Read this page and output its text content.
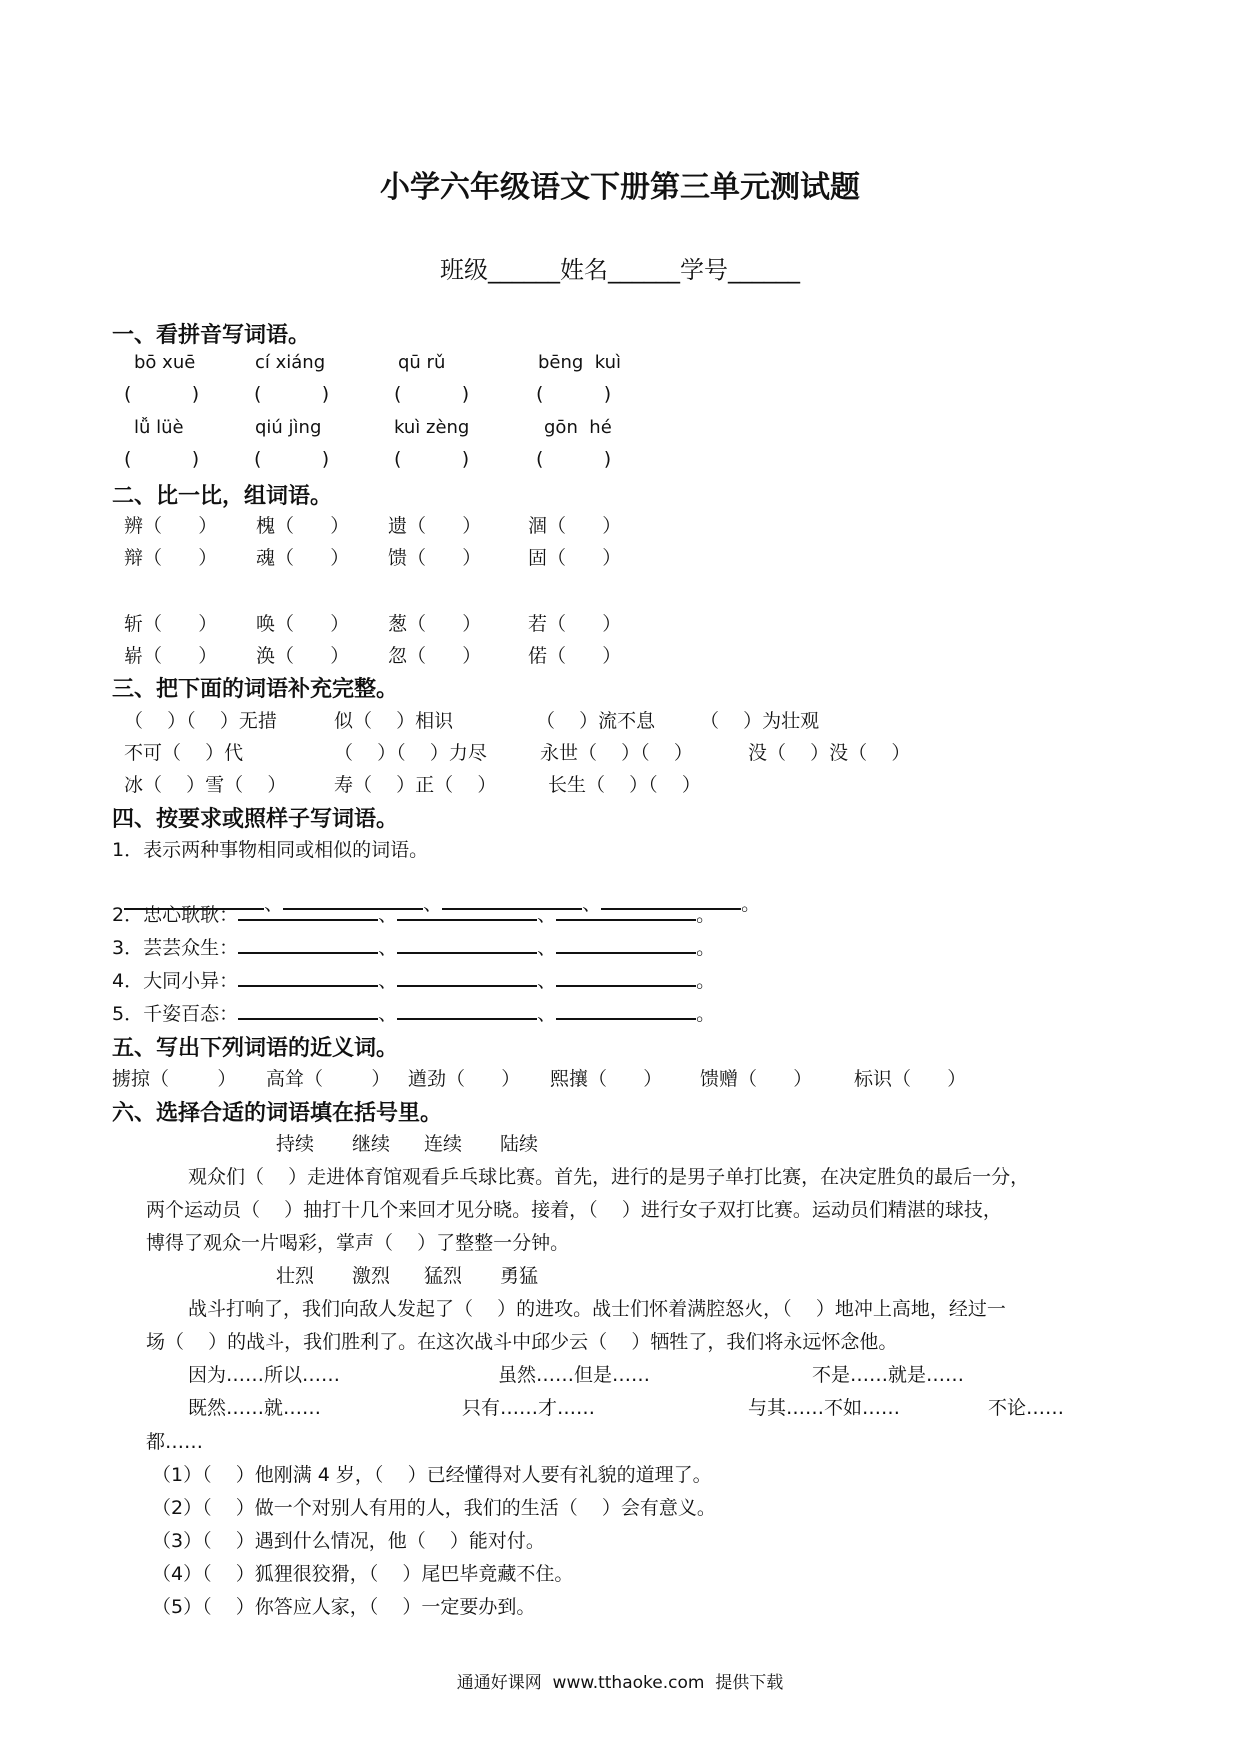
小学六年级语文下册第三单元测试题
班级______姓名______学号______
一、看拼音写词语。
bō xuē	cí xiáng	qū rǔ	bēng  kuì
(          )	(          )	(          )	(          )
lǚ lüè	qiú jìng	kuì zèng	gōn  hé
(          )	(          )	(          )	(          )
二、比一比，组词语。
辨（      ） 槐（      ） 遗（      ） 涸（      ）
辩（      ） 魂（      ） 馈（      ） 固（      ）
斩（      ） 唤（      ） 葱（      ） 若（      ）
崭（      ） 涣（      ） 忽（      ） 偌（      ）
三、把下面的词语补充完整。
（    ）（    ）无措	似（    ）相识	（    ）流不息 （    ）为壮观
不可（    ）代	（    ）（    ）力尽	永世（    ）（    ）	没（    ）没（    ）
冰（    ）雪（    ）	寿（    ）正（    ）	长生（    ）（    ）
四、按要求或照样子写词语。
1．表示两种事物相同或相似的词语。

、	、	、	。

2．忠心耿耿：	、	、	。
3．芸芸众生：	、	、	。
4．大同小异：	、	、	。
5．千姿百态：	、	、	。
五、写出下列词语的近义词。
掳掠（        ） 高耸（        ） 遒劲（      ） 熙攘（      ） 馈赠（      ） 标识（      ）
六、选择合适的词语填在括号里。
持续 继续 连续 陆续
观众们（    ）走进体育馆观看乒乓球比赛。首先，进行的是男子单打比赛，在决定胜负的最后一分，
两个运动员（    ）抽打十几个来回才见分晓。接着，（    ）进行女子双打比赛。运动员们精湛的球技，
博得了观众一片喝彩，掌声（    ）了整整一分钟。
壮烈 激烈 猛烈 勇猛
战斗打响了，我们向敌人发起了（    ）的进攻。战士们怀着满腔怒火，（    ）地冲上高地，经过一
场（    ）的战斗，我们胜利了。在这次战斗中邱少云（    ）牺牲了，我们将永远怀念他。
因为……所以……	虽然……但是……	不是……就是……
既然……就……	只有……才……	与其……不如……	不论……
都……
（1）（    ）他刚满 4 岁，（    ）已经懂得对人要有礼貌的道理了。
（2）（    ）做一个对别人有用的人，我们的生活（    ）会有意义。
（3）（    ）遇到什么情况，他（    ）能对付。
（4）（    ）狐狸很狡猾，（    ）尾巴毕竟藏不住。
（5）（    ）你答应人家，（    ）一定要办到。
通通好课网  www.tthaoke.com  提供下载
